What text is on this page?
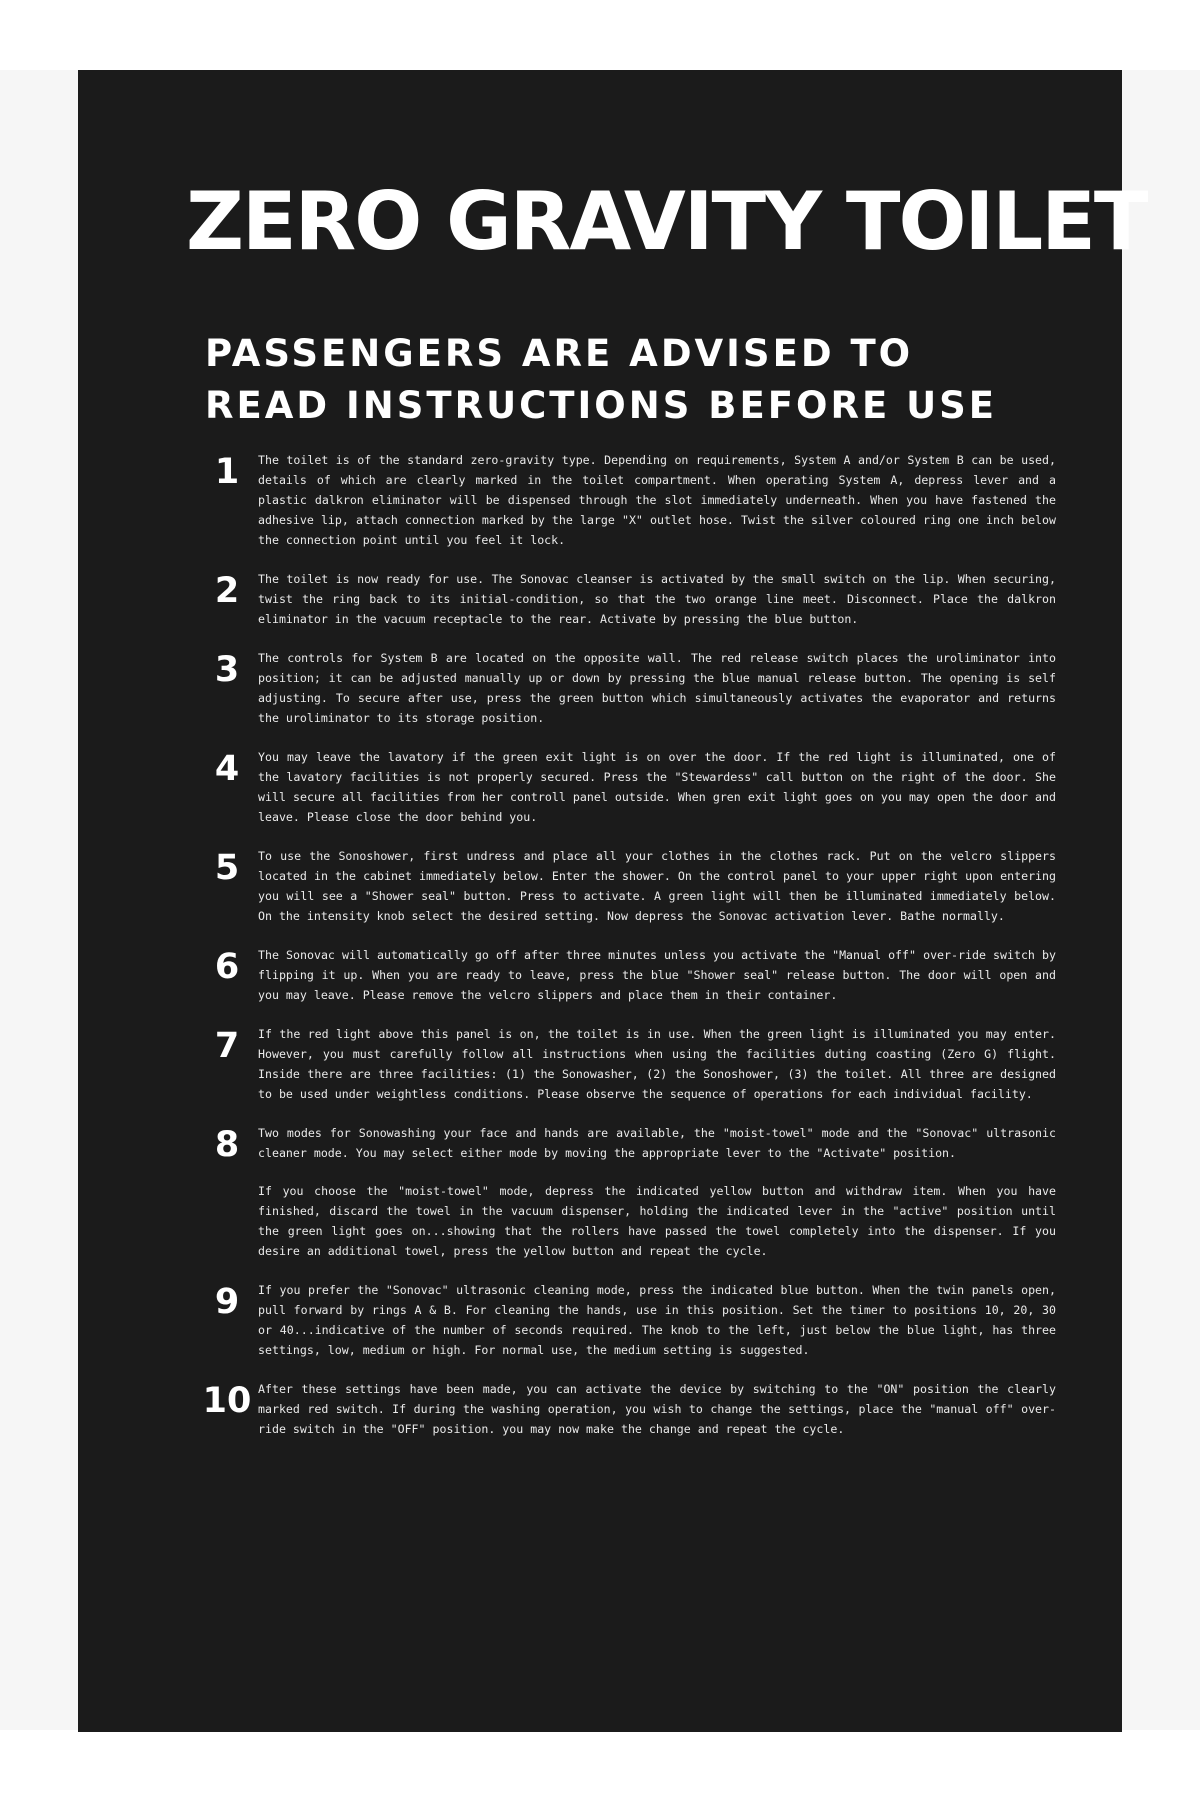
ZERO GRAVITY TOILET
PASSENGERS ARE ADVISED TO
READ INSTRUCTIONS BEFORE USE
1	The toilet is of the standard zero-gravity type. Depending on requirements, System A and/or System B can be used, details of which are clearly marked in the toilet compartment. When operating System A, depress lever and a plastic dalkron eliminator will be dispensed through the slot immediately underneath. When you have fastened the adhesive lip, attach connection marked by the large "X" outlet hose. Twist the silver coloured ring one inch below the connection point until you feel it lock.

2	The toilet is now ready for use. The Sonovac cleanser is activated by the small switch on the lip. When securing, twist the ring back to its initial-condition, so that the two orange line meet. Disconnect. Place the dalkron eliminator in the vacuum receptacle to the rear. Activate by pressing the blue button.

3	The controls for System B are located on the opposite wall. The red release switch places the uroliminator into position; it can be adjusted manually up or down by pressing the blue manual release button. The opening is self adjusting. To secure after use, press the green button which simultaneously activates the evaporator and returns the uroliminator to its storage position.

4	You may leave the lavatory if the green exit light is on over the door. If the red light is illuminated, one of the lavatory facilities is not properly secured. Press the "Stewardess" call button on the right of the door. She will secure all facilities from her controll panel outside. When gren exit light goes on you may open the door and leave. Please close the door behind you.

5	To use the Sonoshower, first undress and place all your clothes in the clothes rack. Put on the velcro slippers located in the cabinet immediately below. Enter the shower. On the control panel to your upper right upon entering you will see a "Shower seal" button. Press to activate. A green light will then be illuminated immediately below. On the intensity knob select the desired setting. Now depress the Sonovac activation lever. Bathe normally.

6	The Sonovac will automatically go off after three minutes unless you activate the "Manual off" over-ride switch by flipping it up. When you are ready to leave, press the blue "Shower seal" release button. The door will open and you may leave. Please remove the velcro slippers and place them in their container.

7	If the red light above this panel is on, the toilet is in use. When the green light is illuminated you may enter. However, you must carefully follow all instructions when using the facilities duting coasting (Zero G) flight. Inside there are three facilities: (1) the Sonowasher, (2) the Sonoshower, (3) the toilet. All three are designed to be used under weightless conditions. Please observe the sequence of operations for each individual facility.

8	Two modes for Sonowashing your face and hands are available, the "moist-towel" mode and the "Sonovac" ultrasonic cleaner mode. You may select either mode by moving the appropriate lever to the "Activate" position.

If you choose the "moist-towel" mode, depress the indicated yellow button and withdraw item. When you have finished, discard the towel in the vacuum dispenser, holding the indicated lever in the "active" position until the green light goes on...showing that the rollers have passed the towel completely into the dispenser. If you desire an additional towel, press the yellow button and repeat the cycle.

9	If you prefer the "Sonovac" ultrasonic cleaning mode, press the indicated blue button. When the twin panels open, pull forward by rings A & B. For cleaning the hands, use in this position. Set the timer to positions 10, 20, 30 or 40...indicative of the number of seconds required. The knob to the left, just below the blue light, has three settings, low, medium or high. For normal use, the medium setting is suggested.

10 After these settings have been made, you can activate the device by switching to the "ON" position the clearly marked red switch. If during the washing operation, you wish to change the settings, place the "manual off" over-ride switch in the "OFF" position. you may now make the change and repeat the cycle.
